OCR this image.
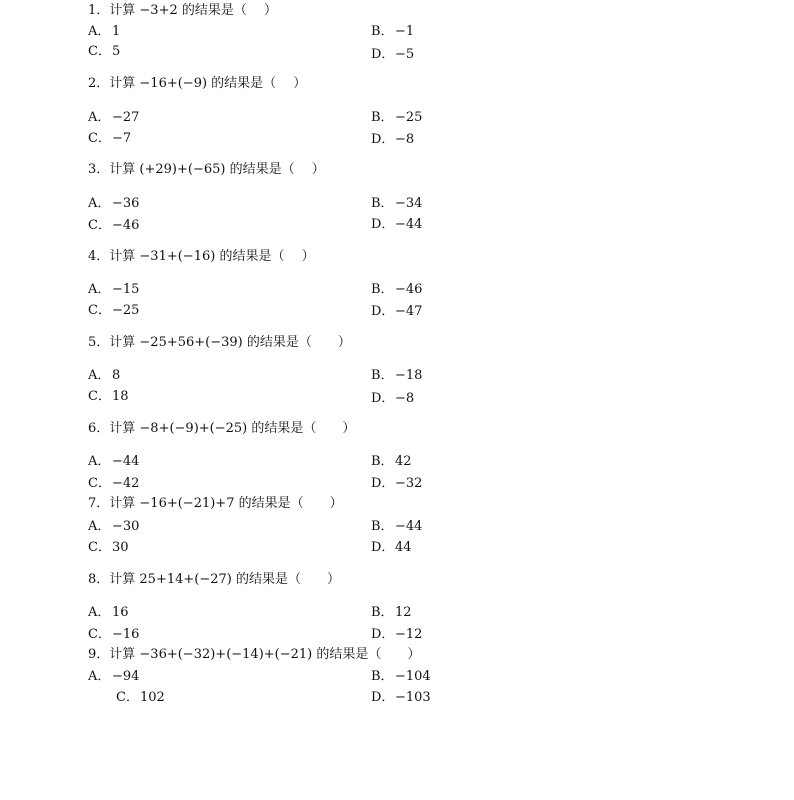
1．计算 −3+2 的结果是（　 ）
A． 1	B．−1
C．5	D．−5
2．计算 −16+(−9) 的结果是（　 ）
A． −27	B．−25
C．−7	D．−8
3．计算 (+29)+(−65) 的结果是（　 ）
A． −36	B．−34
C．−46	D．−44
4．计算 −31+(−16) 的结果是（　 ）
A． −15	B．−46
C．−25	D．−47
5．计算 −25+56+(−39) 的结果是（　　）
A． 8	B．−18
C．18	D．−8
6．计算 −8+(−9)+(−25) 的结果是（　　）
A． −44	B．42
C．−42	D．−32
7．计算 −16+(−21)+7 的结果是（　　）
A． −30	B．−44
C．30	D．44
8．计算 25+14+(−27) 的结果是（　　）
A． 16	B．12
C．−16	D．−12
9．计算 −36+(−32)+(−14)+(−21) 的结果是（　　）
A． −94	B．−104
C．102	D．−103
